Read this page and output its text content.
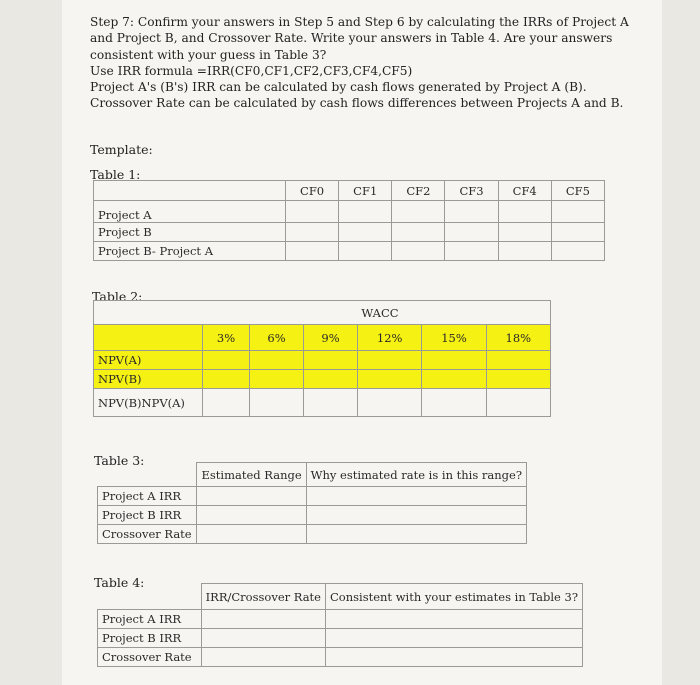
Step 7: Confirm your answers in Step 5 and Step 6 by calculating the IRRs of Project A
and Project B, and Crossover Rate. Write your answers in Table 4. Are your answers
consistent with your guess in Table 3?
Use IRR formula =IRR(CF0,CF1,CF2,CF3,CF4,CF5)
Project A's (B's) IRR can be calculated by cash flows generated by Project A (B).
Crossover Rate can be calculated by cash flows differences between Projects A and B.
Template:
Table 1:
	CF0	CF1	CF2	CF3	CF4	CF5
Project A						
Project B						
Project B- Project A						
Table 2:
WACC						
	3%	6%	9%	12%	15%	18%
NPV(A)						
NPV(B)						
NPV(B)NPV(A)						
Table 3:
	Estimated Range	Why estimated rate is in this range?
Project A IRR		
Project B IRR		
Crossover Rate		
Table 4:
	IRR/Crossover Rate	Consistent with your estimates in Table 3?
Project A IRR		
Project B IRR		
Crossover Rate		
